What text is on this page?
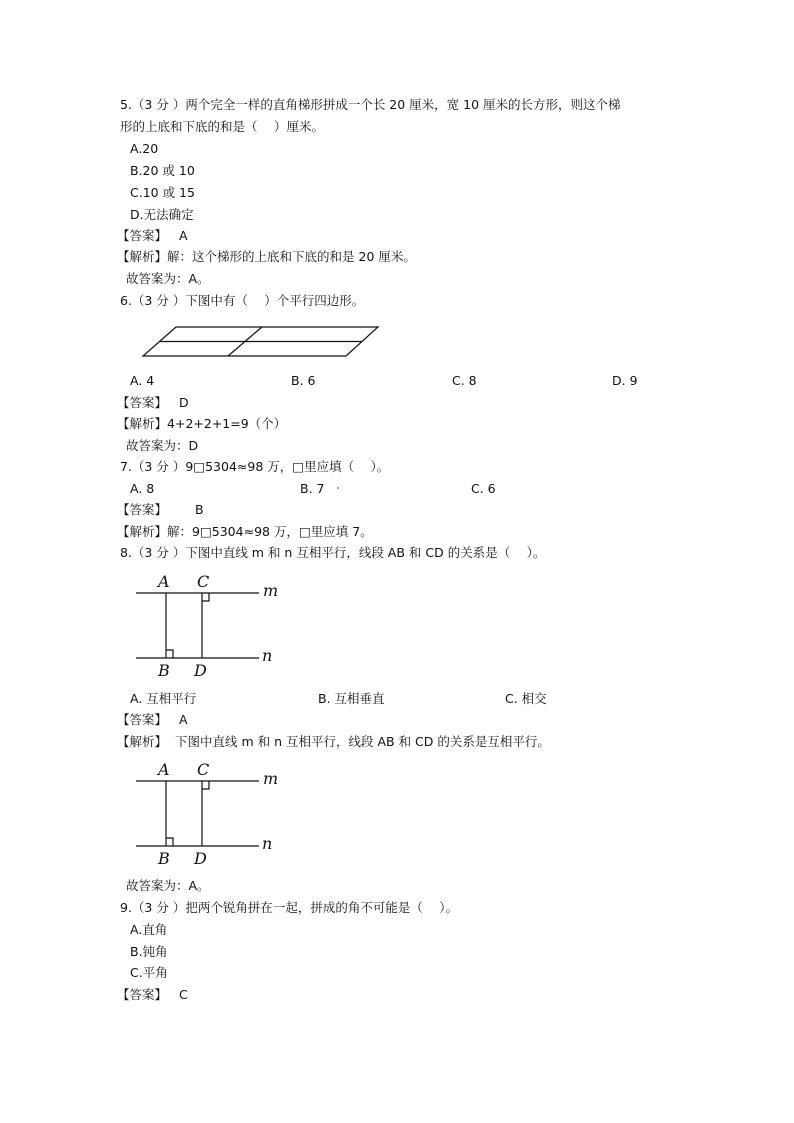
5.（3 分 ）两个完全一样的直角梯形拼成一个长 20 厘米，宽 10 厘米的长方形，则这个梯
形的上底和下底的和是（　 ）厘米。
A.20
B.20 或 10
C.10 或 15
D.无法确定
【答案】 A
【解析】解：这个梯形的上底和下底的和是 20 厘米。
故答案为：A。
6.（3 分 ）下图中有（　 ）个平行四边形。
A. 4	B. 6	C. 8	D. 9
【答案】 D
【解析】4+2+2+1=9（个）
故答案为：D
7.（3 分 ）9□5304≈98 万，□里应填（　 ）。
A. 8	B. 7	C. 6
【答案】 B
【解析】解：9□5304≈98 万，□里应填 7。
8.（3 分 ）下图中直线 m 和 n 互相平行，线段 AB 和 CD 的关系是（　 ）。
A C
B D
m
n
A. 互相平行	B. 互相垂直	C. 相交
【答案】 A
【解析】 下图中直线 m 和 n 互相平行，线段 AB 和 CD 的关系是互相平行。
A C
B D
m
n
故答案为：A。
9.（3 分 ）把两个锐角拼在一起，拼成的角不可能是（　 ）。
A.直角
B.钝角
C.平角
【答案】 C
